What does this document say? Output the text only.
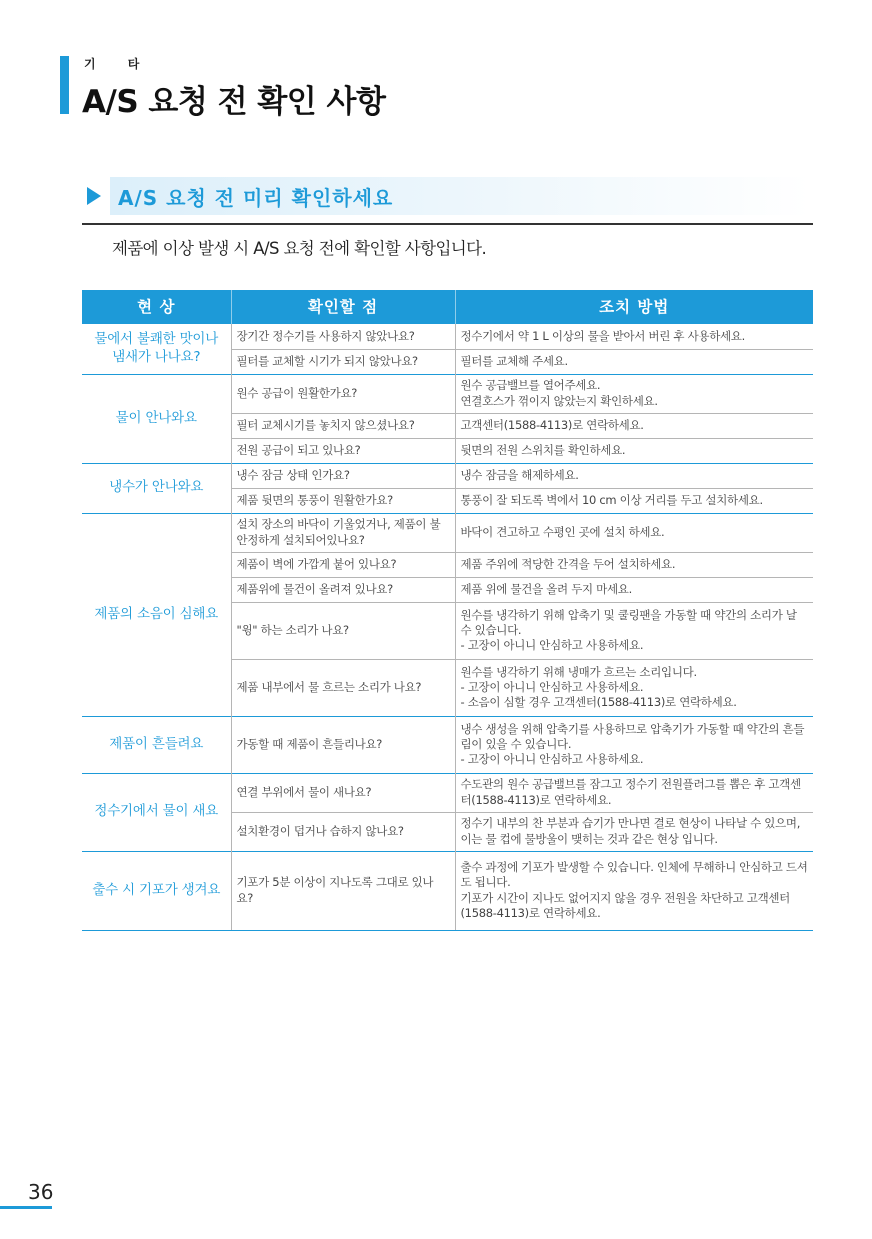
기 타
A/S 요청 전 확인 사항
A/S 요청 전 미리 확인하세요

제품에 이상 발생 시 A/S 요청 전에 확인할 사항입니다.

현 상	확인할 점	조치 방법
물에서 불쾌한 맛이나 냄새가 나나요?	장기간 정수기를 사용하지 않았나요?	정수기에서 약 1 L 이상의 물을 받아서 버린 후 사용하세요.
	필터를 교체할 시기가 되지 않았나요?	필터를 교체해 주세요.
물이 안나와요	원수 공급이 원활한가요?	원수 공급밸브를 열어주세요.
연결호스가 꺾이지 않았는지 확인하세요.
	필터 교체시기를 놓치지 않으셨나요?	고객센터(1588-4113)로 연락하세요.
	전원 공급이 되고 있나요?	뒷면의 전원 스위치를 확인하세요.
냉수가 안나와요	냉수 잠금 상태 인가요?	냉수 잠금을 해제하세요.
	제품 뒷면의 통풍이 원활한가요?	통풍이 잘 되도록 벽에서 10 cm 이상 거리를 두고 설치하세요.
제품의 소음이 심해요	설치 장소의 바닥이 기울었거나, 제품이 불안정하게 설치되어있나요?	바닥이 견고하고 수평인 곳에 설치 하세요.
	제품이 벽에 가깝게 붙어 있나요?	제품 주위에 적당한 간격을 두어 설치하세요.
	제품위에 물건이 올려져 있나요?	제품 위에 물건을 올려 두지 마세요.
	"윙" 하는 소리가 나요?	원수를 냉각하기 위해 압축기 및 쿨링팬을 가동할 때 약간의 소리가 날 수 있습니다.
- 고장이 아니니 안심하고 사용하세요.
	제품 내부에서 물 흐르는 소리가 나요?	원수를 냉각하기 위해 냉매가 흐르는 소리입니다.
- 고장이 아니니 안심하고 사용하세요.
- 소음이 심할 경우 고객센터(1588-4113)로 연락하세요.
제품이 흔들려요	가동할 때 제품이 흔들리나요?	냉수 생성을 위해 압축기를 사용하므로 압축기가 가동할 때 약간의 흔들림이 있을 수 있습니다.
- 고장이 아니니 안심하고 사용하세요.
정수기에서 물이 새요	연결 부위에서 물이 새나요?	수도관의 원수 공급밸브를 잠그고 정수기 전원플러그를 뽑은 후 고객센터(1588-4113)로 연락하세요.
	설치환경이 덥거나 습하지 않나요?	정수기 내부의 찬 부분과 습기가 만나면 결로 현상이 나타날 수 있으며, 이는 물 컵에 물방울이 맺히는 것과 같은 현상 입니다.
출수 시 기포가 생겨요	기포가 5분 이상이 지나도록 그대로 있나요?	출수 과정에 기포가 발생할 수 있습니다. 인체에 무해하니 안심하고 드셔도 됩니다.
기포가 시간이 지나도 없어지지 않을 경우 전원을 차단하고 고객센터(1588-4113)로 연락하세요.

36
